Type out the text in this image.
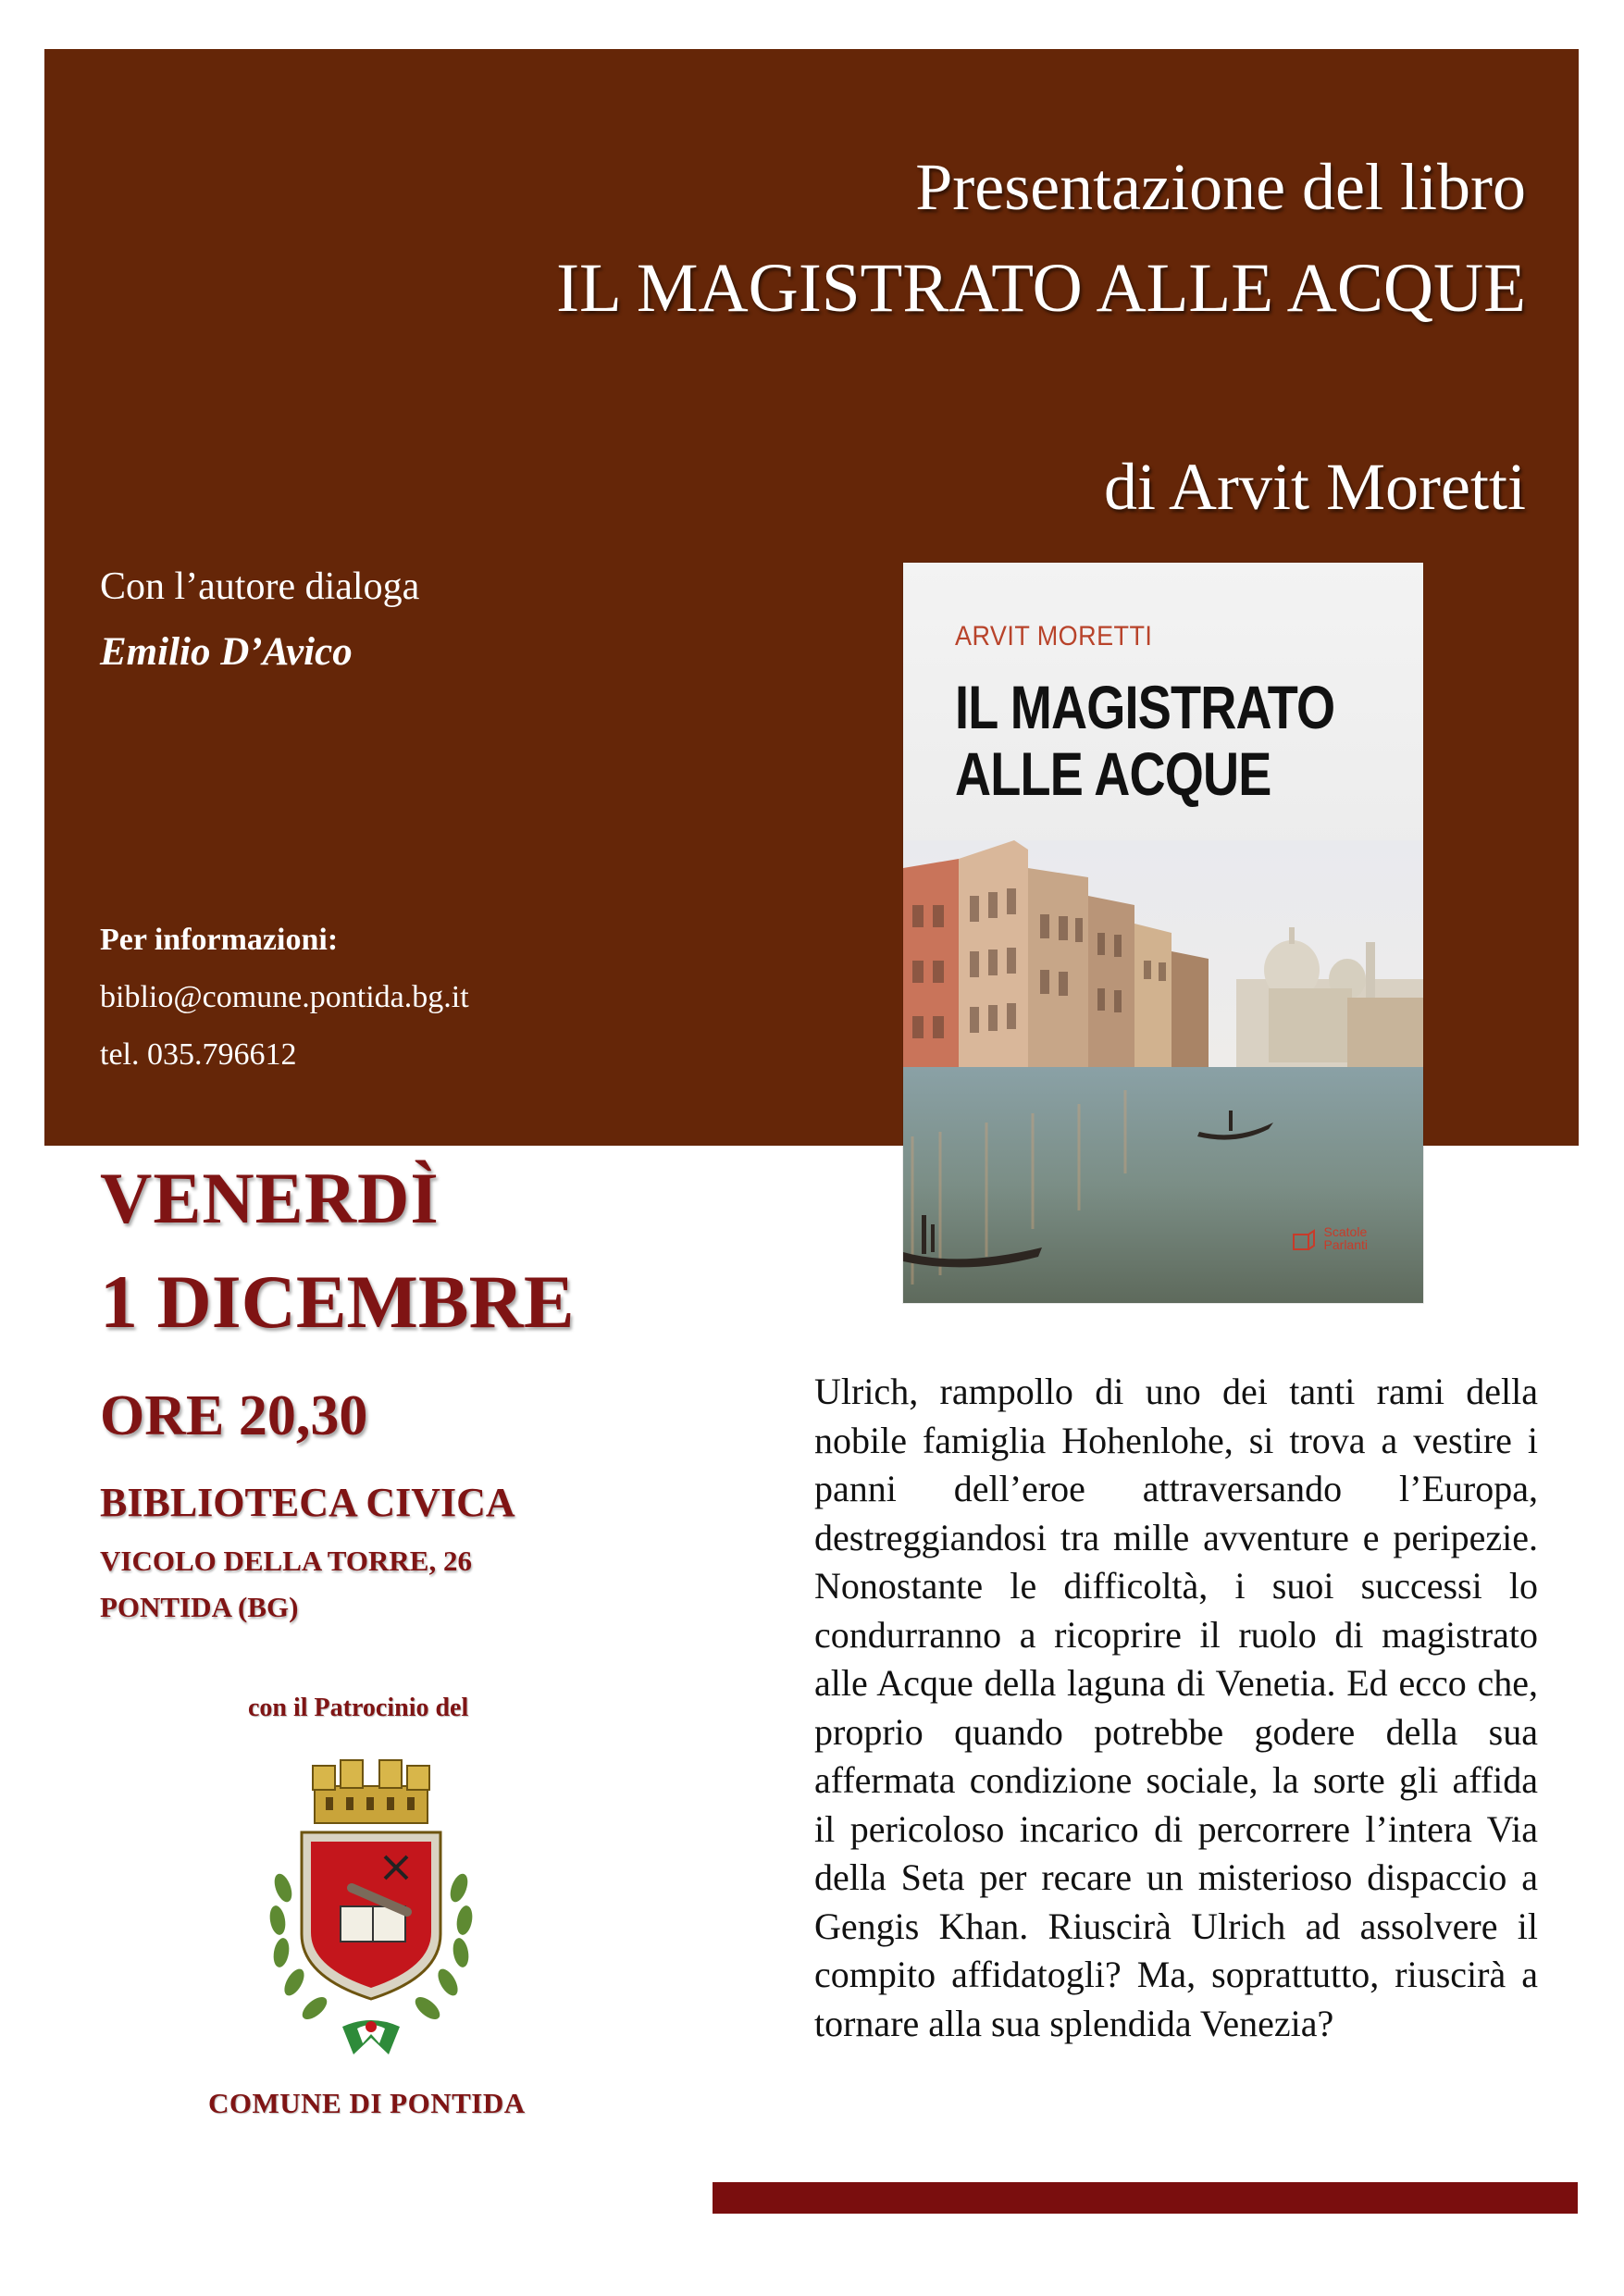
Presentazione del libro
IL MAGISTRATO ALLE ACQUE
di Arvit Moretti
Con l’autore dialoga
Emilio D’Avico
Per informazioni:
biblio@comune.pontida.bg.it
tel. 035.796612
ARVIT MORETTI
IL MAGISTRATO
ALLE ACQUE
Scatole
Parlanti
VENERDÌ
1 DICEMBRE
ORE 20,30
BIBLIOTECA CIVICA
VICOLO DELLA TORRE, 26
PONTIDA (BG)
con il Patrocinio del
COMUNE DI PONTIDA
Ulrich, rampollo di uno dei tanti rami della nobile famiglia Hohenlohe, si trova a vestire i panni dell’eroe attraversando l’Europa, destreggiandosi tra mille avventure e peripezie. Nonostante le difficoltà, i suoi successi lo condurranno a ricoprire il ruolo di magistrato alle Acque della laguna di Venetia. Ed ecco che, proprio quando potrebbe godere della sua affermata condizione sociale, la sorte gli affida il pericoloso incarico di percorrere l’intera Via della Seta per recare un misterioso dispaccio a Gengis Khan. Riuscirà Ulrich ad assolvere il compito affidatogli? Ma, soprattutto, riuscirà a tornare alla sua splendida Venezia?
